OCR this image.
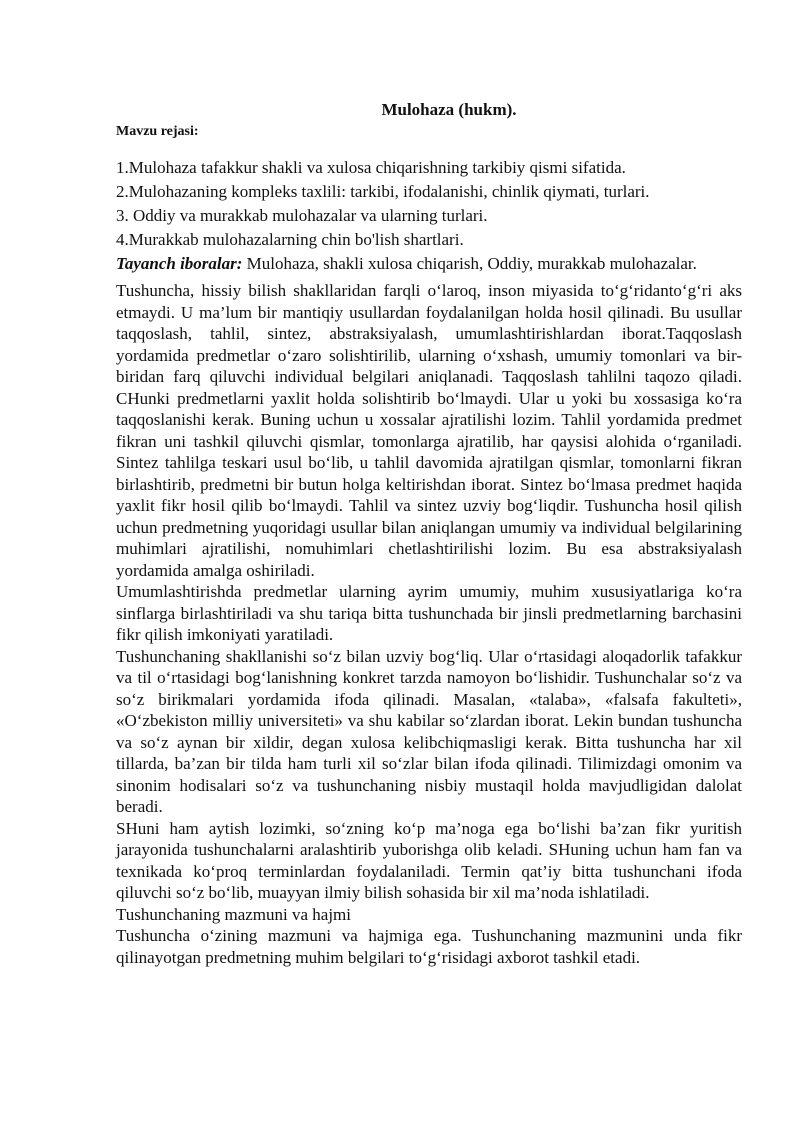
Mulohaza (hukm).
Mavzu rejasi:

1.Mulohaza tafakkur shakli va xulosa chiqarishning tarkibiy qismi sifatida.

2.Mulohazaning kompleks taxlili: tarkibi, ifodalanishi, chinlik qiymati, turlari.

3. Oddiy va murakkab mulohazalar va ularning turlari.

4.Murakkab mulohazalarning chin bo'lish shartlari.

Tayanch iboralar: Mulohaza, shakli xulosa chiqarish, Oddiy, murakkab mulohazalar.

Tushuncha, hissiy bilish shakllaridan farqli o‘laroq, inson miyasida to‘g‘ridanto‘g‘ri aks etmaydi. U ma’lum bir mantiqiy usullardan foydalanilgan holda hosil qilinadi. Bu usullar taqqoslash, tahlil, sintez, abstraksiyalash, umumlashtirishlardan iborat.Taqqoslash yordamida predmetlar o‘zaro solishtirilib, ularning o‘xshash, umumiy tomonlari va bir-biridan farq qiluvchi individual belgilari aniqlanadi. Taqqoslash tahlilni taqozo qiladi. CHunki predmetlarni yaxlit holda solishtirib bo‘lmaydi. Ular u yoki bu xossasiga ko‘ra taqqoslanishi kerak. Buning uchun u xossalar ajratilishi lozim. Tahlil yordamida predmet fikran uni tashkil qiluvchi qismlar, tomonlarga ajratilib, har qaysisi alohida o‘rganiladi. Sintez tahlilga teskari usul bo‘lib, u tahlil davomida ajratilgan qismlar, tomonlarni fikran birlashtirib, predmetni bir butun holga keltirishdan iborat. Sintez bo‘lmasa predmet haqida yaxlit fikr hosil qilib bo‘lmaydi. Tahlil va sintez uzviy bog‘liqdir. Tushuncha hosil qilish uchun predmetning yuqoridagi usullar bilan aniqlangan umumiy va individual belgilarining muhimlari ajratilishi, nomuhimlari chetlashtirilishi lozim. Bu esa abstraksiyalash yordamida amalga oshiriladi.

Umumlashtirishda predmetlar ularning ayrim umumiy, muhim xususiyatlariga ko‘ra sinflarga birlashtiriladi va shu tariqa bitta tushunchada bir jinsli predmetlarning barchasini fikr qilish imkoniyati yaratiladi.

Tushunchaning shakllanishi so‘z bilan uzviy bog‘liq. Ular o‘rtasidagi aloqadorlik tafakkur va til o‘rtasidagi bog‘lanishning konkret tarzda namoyon bo‘lishidir. Tushunchalar so‘z va so‘z birikmalari yordamida ifoda qilinadi. Masalan, «talaba», «falsafa fakulteti», «O‘zbekiston milliy universiteti» va shu kabilar so‘zlardan iborat. Lekin bundan tushuncha va so‘z aynan bir xildir, degan xulosa kelibchiqmasligi kerak. Bitta tushuncha har xil tillarda, ba’zan bir tilda ham turli xil so‘zlar bilan ifoda qilinadi. Tilimizdagi omonim va sinonim hodisalari so‘z va tushunchaning nisbiy mustaqil holda mavjudligidan dalolat beradi.

SHuni ham aytish lozimki, so‘zning ko‘p ma’noga ega bo‘lishi ba’zan fikr yuritish jarayonida tushunchalarni aralashtirib yuborishga olib keladi. SHuning uchun ham fan va texnikada ko‘proq terminlardan foydalaniladi. Termin qat’iy bitta tushunchani ifoda qiluvchi so‘z bo‘lib, muayyan ilmiy bilish sohasida bir xil ma’noda ishlatiladi.

Tushunchaning mazmuni va hajmi

Tushuncha o‘zining mazmuni va hajmiga ega. Tushunchaning mazmunini unda fikr qilinayotgan predmetning muhim belgilari to‘g‘risidagi axborot tashkil etadi.
